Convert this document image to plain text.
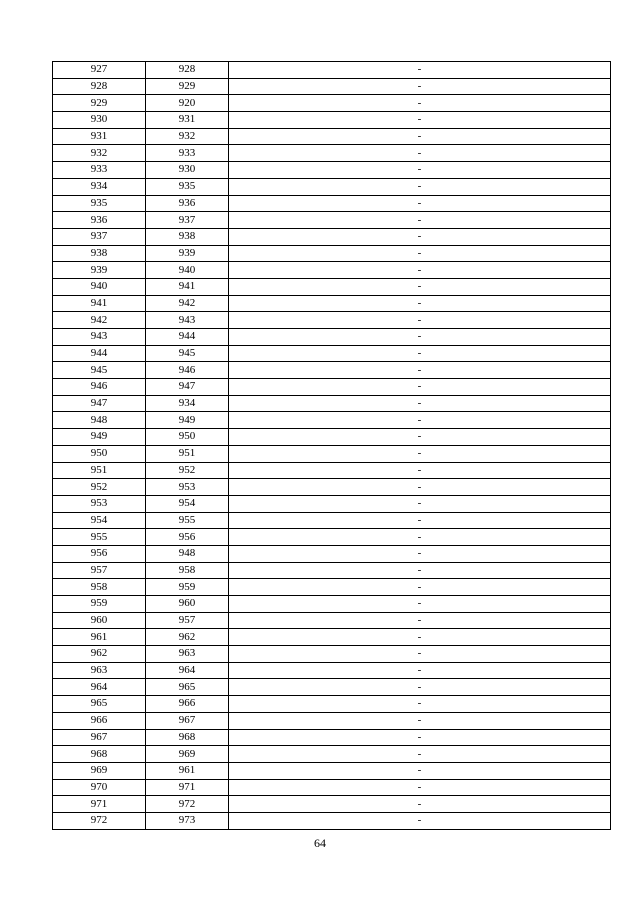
927	928	-
928	929	-
929	920	-
930	931	-
931	932	-
932	933	-
933	930	-
934	935	-
935	936	-
936	937	-
937	938	-
938	939	-
939	940	-
940	941	-
941	942	-
942	943	-
943	944	-
944	945	-
945	946	-
946	947	-
947	934	-
948	949	-
949	950	-
950	951	-
951	952	-
952	953	-
953	954	-
954	955	-
955	956	-
956	948	-
957	958	-
958	959	-
959	960	-
960	957	-
961	962	-
962	963	-
963	964	-
964	965	-
965	966	-
966	967	-
967	968	-
968	969	-
969	961	-
970	971	-
971	972	-
972	973	-
64
